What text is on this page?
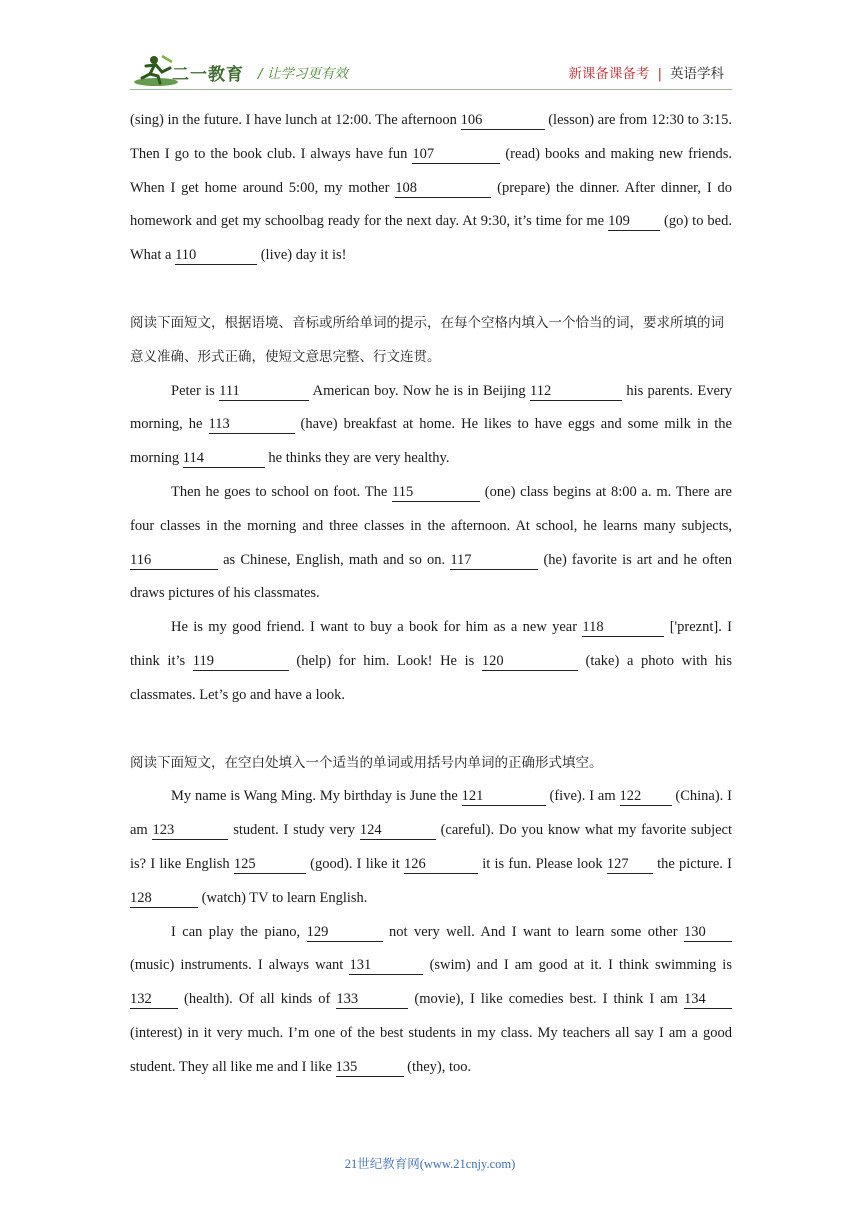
二一教育 / 让学习更有效	新课备课备考 | 英语学科

(sing) in the future. I have lunch at 12:00. The afternoon 106	(lesson) are from 12:30 to 3:15. Then I go to the book club. I always have fun 107	(read) books and making new friends. When I get home around 5:00, my mother 108	(prepare) the dinner. After dinner, I do homework and get my schoolbag ready for the next day. At 9:30, it’s time for me 109 (go) to bed. What a 110	(live) day it is!

阅读下面短文，根据语境、音标或所给单词的提示，在每个空格内填入一个恰当的词，要求所填的词意义准确、形式正确，使短文意思完整、行文连贯。

Peter is 111	American boy. Now he is in Beijing 112	his parents. Every morning, he 113	(have) breakfast at home. He likes to have eggs and some milk in the morning 114	he thinks they are very healthy.

Then he goes to school on foot. The 115	(one) class begins at 8:00 a. m. There are four classes in the morning and three classes in the afternoon. At school, he learns many subjects, 116	as Chinese, English, math and so on. 117	(he) favorite is art and he often draws pictures of his classmates.

He is my good friend. I want to buy a book for him as a new year 118	['preznt]. I think it’s 119	(help) for him. Look! He is 120	(take) a photo with his classmates. Let’s go and have a look.

阅读下面短文，在空白处填入一个适当的单词或用括号内单词的正确形式填空。

My name is Wang Ming. My birthday is June the 121	(five). I am 122 (China). I am 123	student. I study very 124	(careful). Do you know what my favorite subject is? I like English 125	(good). I like it 126	it is fun. Please look 127 the picture. I 128	(watch) TV to learn English.

I can play the piano, 129	not very well. And I want to learn some other 130 (music) instruments. I always want 131	(swim) and I am good at it. I think swimming is 132 (health). Of all kinds of 133	(movie), I like comedies best. I think I am 134 (interest) in it very much. I’m one of the best students in my class. My teachers all say I am a good student. They all like me and I like 135	(they), too.

21世纪教育网(www.21cnjy.com)
